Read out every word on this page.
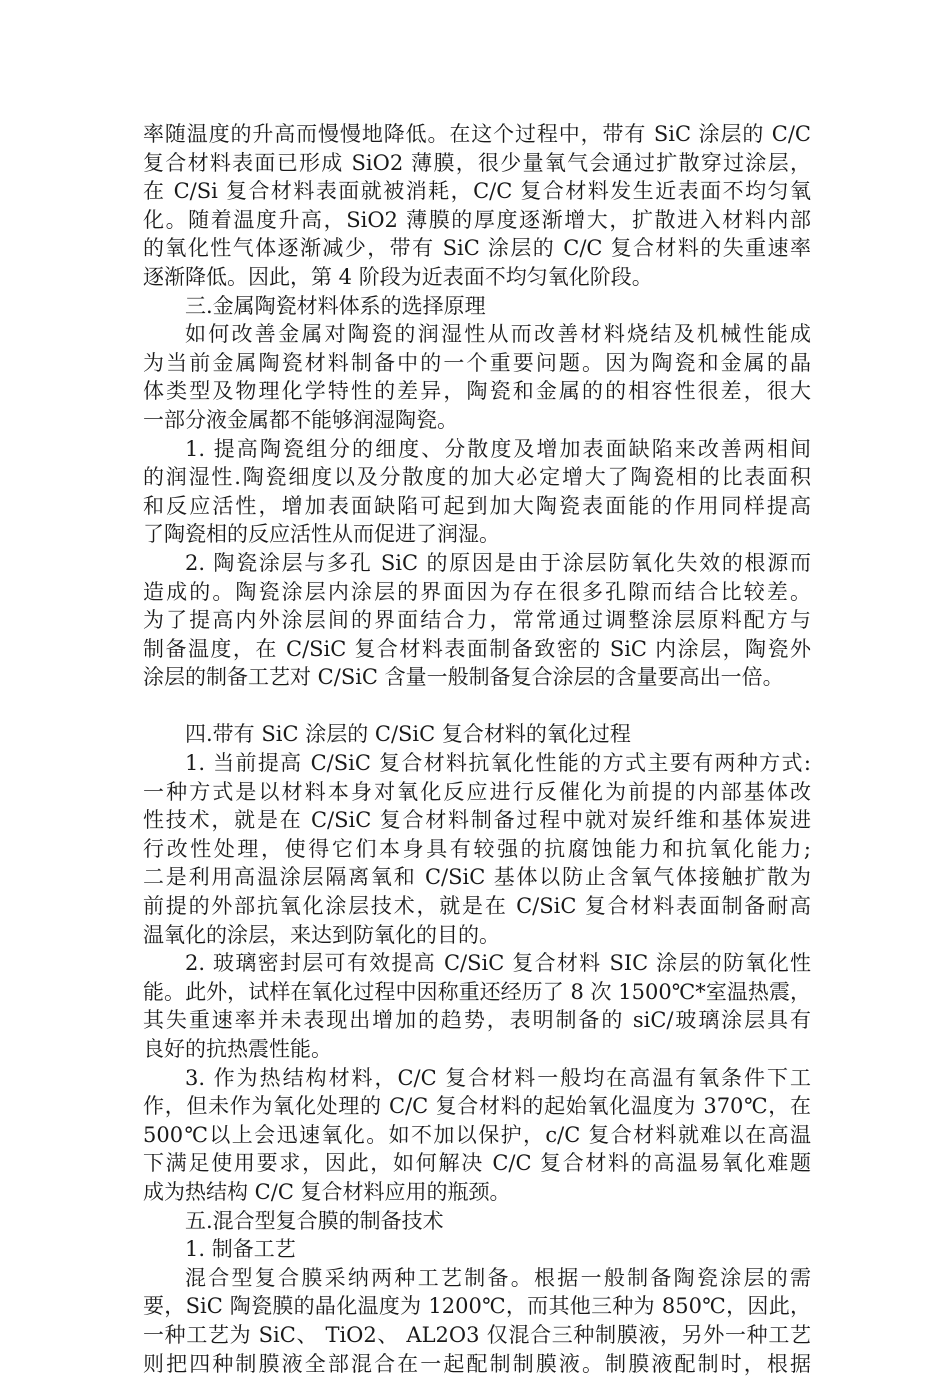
率随温度的升高而慢慢地降低。在这个过程中，带有 SiC 涂层的 C/C
复合材料表面已形成 SiO2 薄膜，很少量氧气会通过扩散穿过涂层，
在 C/Si 复合材料表面就被消耗，C/C 复合材料发生近表面不均匀氧
化。随着温度升高，SiO2 薄膜的厚度逐渐增大，扩散进入材料内部
的氧化性气体逐渐减少，带有 SiC 涂层的 C/C 复合材料的失重速率
逐渐降低。因此，第 4 阶段为近表面不均匀氧化阶段。
三.金属陶瓷材料体系的选择原理
如何改善金属对陶瓷的润湿性从而改善材料烧结及机械性能成
为当前金属陶瓷材料制备中的一个重要问题。因为陶瓷和金属的晶
体类型及物理化学特性的差异，陶瓷和金属的的相容性很差，很大
一部分液金属都不能够润湿陶瓷。
1. 提高陶瓷组分的细度、分散度及增加表面缺陷来改善两相间
的润湿性.陶瓷细度以及分散度的加大必定增大了陶瓷相的比表面积
和反应活性，增加表面缺陷可起到加大陶瓷表面能的作用同样提高
了陶瓷相的反应活性从而促进了润湿。
2. 陶瓷涂层与多孔 SiC 的原因是由于涂层防氧化失效的根源而
造成的。陶瓷涂层内涂层的界面因为存在很多孔隙而结合比较差。
为了提高内外涂层间的界面结合力，常常通过调整涂层原料配方与
制备温度，在 C/SiC 复合材料表面制备致密的 SiC 内涂层，陶瓷外
涂层的制备工艺对 C/SiC 含量一般制备复合涂层的含量要高出一倍。
四.带有 SiC 涂层的 C/SiC 复合材料的氧化过程
1. 当前提高 C/SiC 复合材料抗氧化性能的方式主要有两种方式:
一种方式是以材料本身对氧化反应进行反催化为前提的内部基体改
性技术，就是在 C/SiC 复合材料制备过程中就对炭纤维和基体炭进
行改性处理，使得它们本身具有较强的抗腐蚀能力和抗氧化能力;
二是利用高温涂层隔离氧和 C/SiC 基体以防止含氧气体接触扩散为
前提的外部抗氧化涂层技术，就是在 C/SiC 复合材料表面制备耐高
温氧化的涂层，来达到防氧化的目的。
2. 玻璃密封层可有效提高 C/SiC 复合材料 SIC 涂层的防氧化性
能。此外，试样在氧化过程中因称重还经历了 8 次 1500℃*室温热震，
其失重速率并未表现出增加的趋势，表明制备的 siC/玻璃涂层具有
良好的抗热震性能。
3. 作为热结构材料，C/C 复合材料一般均在高温有氧条件下工
作，但未作为氧化处理的 C/C 复合材料的起始氧化温度为 370℃，在
500℃以上会迅速氧化。如不加以保护，c/C 复合材料就难以在高温
下满足使用要求，因此，如何解决 C/C 复合材料的高温易氧化难题
成为热结构 C/C 复合材料应用的瓶颈。
五.混合型复合膜的制备技术
1. 制备工艺
混合型复合膜采纳两种工艺制备。根据一般制备陶瓷涂层的需
要，SiC 陶瓷膜的晶化温度为 1200℃，而其他三种为 850℃，因此，
一种工艺为 SiC、 TiO2、 AL2O3 仅混合三种制膜液，另外一种工艺
则把四种制膜液全部混合在一起配制制膜液。制膜液配制时，根据
